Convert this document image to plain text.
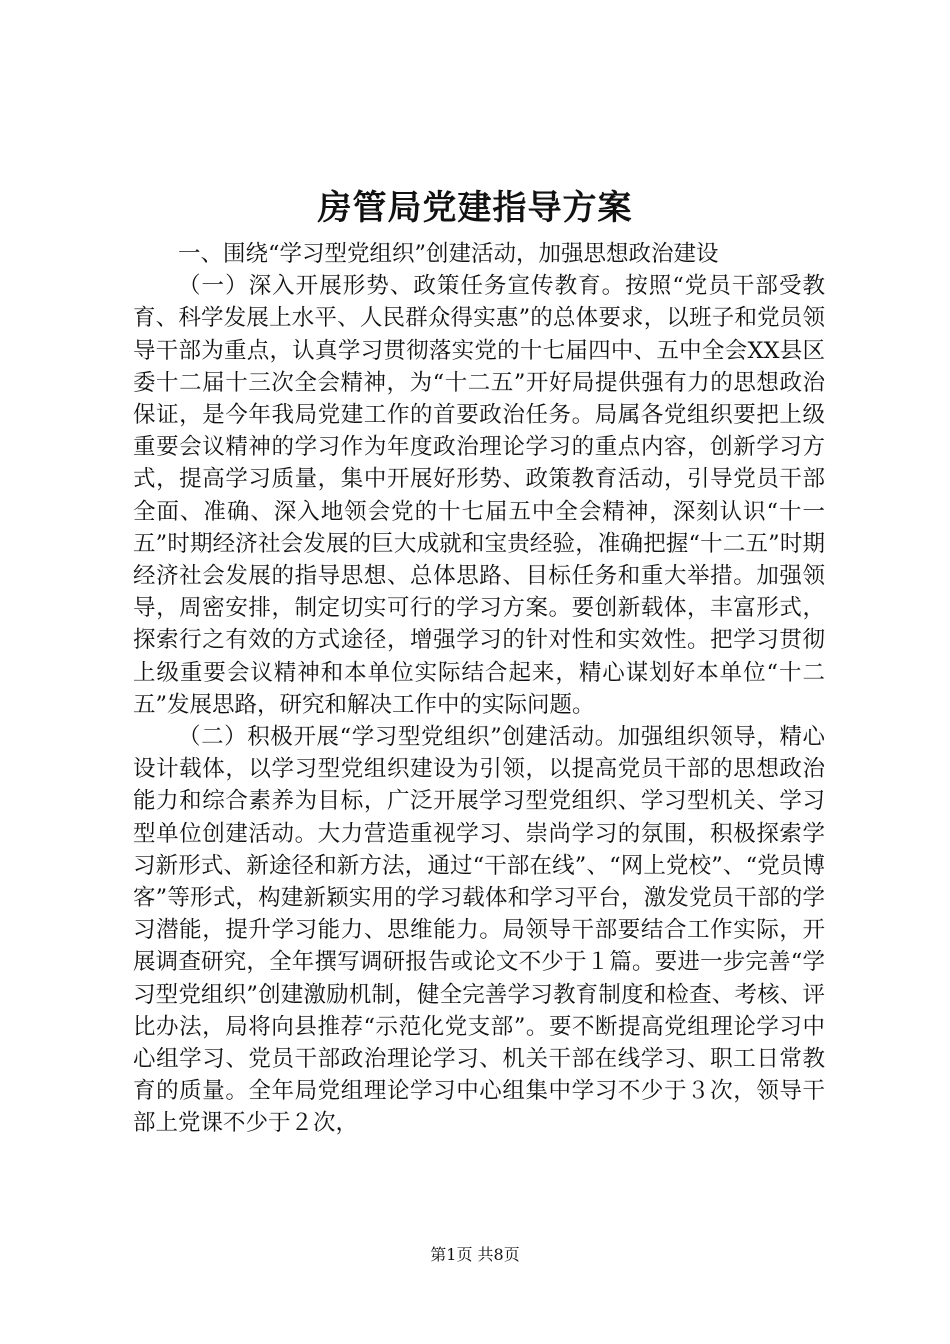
房管局党建指导方案

一、围绕“学习型党组织”创建活动，加强思想政治建设

（一）深入开展形势、政策任务宣传教育。按照“党员干部受教育、科学发展上水平、人民群众得实惠”的总体要求，以班子和党员领导干部为重点，认真学习贯彻落实党的十七届四中、五中全会XX县区委十二届十三次全会精神，为“十二五”开好局提供强有力的思想政治保证，是今年我局党建工作的首要政治任务。局属各党组织要把上级重要会议精神的学习作为年度政治理论学习的重点内容，创新学习方式，提高学习质量，集中开展好形势、政策教育活动，引导党员干部全面、准确、深入地领会党的十七届五中全会精神，深刻认识“十一五”时期经济社会发展的巨大成就和宝贵经验，准确把握“十二五”时期经济社会发展的指导思想、总体思路、目标任务和重大举措。加强领导，周密安排，制定切实可行的学习方案。要创新载体，丰富形式，探索行之有效的方式途径，增强学习的针对性和实效性。把学习贯彻上级重要会议精神和本单位实际结合起来，精心谋划好本单位“十二五”发展思路，研究和解决工作中的实际问题。

（二）积极开展“学习型党组织”创建活动。加强组织领导，精心设计载体，以学习型党组织建设为引领，以提高党员干部的思想政治能力和综合素养为目标，广泛开展学习型党组织、学习型机关、学习型单位创建活动。大力营造重视学习、崇尚学习的氛围，积极探索学习新形式、新途径和新方法，通过“干部在线”、“网上党校”、“党员博客”等形式，构建新颖实用的学习载体和学习平台，激发党员干部的学习潜能，提升学习能力、思维能力。局领导干部要结合工作实际，开展调查研究，全年撰写调研报告或论文不少于１篇。要进一步完善“学习型党组织”创建激励机制，健全完善学习教育制度和检查、考核、评比办法，局将向县推荐“示范化党支部”。要不断提高党组理论学习中心组学习、党员干部政治理论学习、机关干部在线学习、职工日常教育的质量。全年局党组理论学习中心组集中学习不少于３次，领导干部上党课不少于２次，

第1页 共8页
